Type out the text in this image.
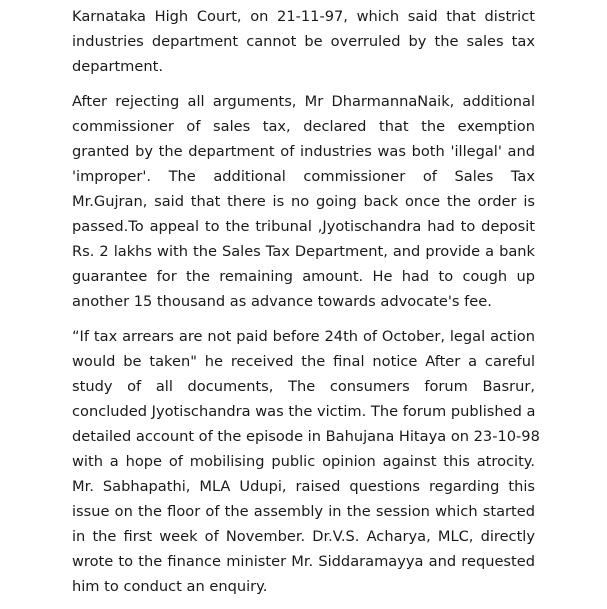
Karnataka High Court, on 21-11-97, which said that district
industries department cannot be overruled by the sales tax
department.
After rejecting all arguments, Mr DharmannaNaik, additional
commissioner of sales tax, declared that the exemption
granted by the department of industries was both 'illegal' and
'improper'. The additional commissioner of Sales Tax
Mr.Gujran, said that there is no going back once the order is
passed.To appeal to the tribunal ,Jyotischandra had to deposit
Rs. 2 lakhs with the Sales Tax Department, and provide a bank
guarantee for the remaining amount. He had to cough up
another 15 thousand as advance towards advocate's fee.
“If tax arrears are not paid before 24th of October, legal action
would be taken" he received the final notice After a careful
study of all documents, The consumers forum Basrur,
concluded Jyotischandra was the victim. The forum published a
detailed account of the episode in Bahujana Hitaya on 23-10-98
with a hope of mobilising public opinion against this atrocity.
Mr. Sabhapathi, MLA Udupi, raised questions regarding this
issue on the floor of the assembly in the session which started
in the first week of November. Dr.V.S. Acharya, MLC, directly
wrote to the finance minister Mr. Siddaramayya and requested
him to conduct an enquiry.
